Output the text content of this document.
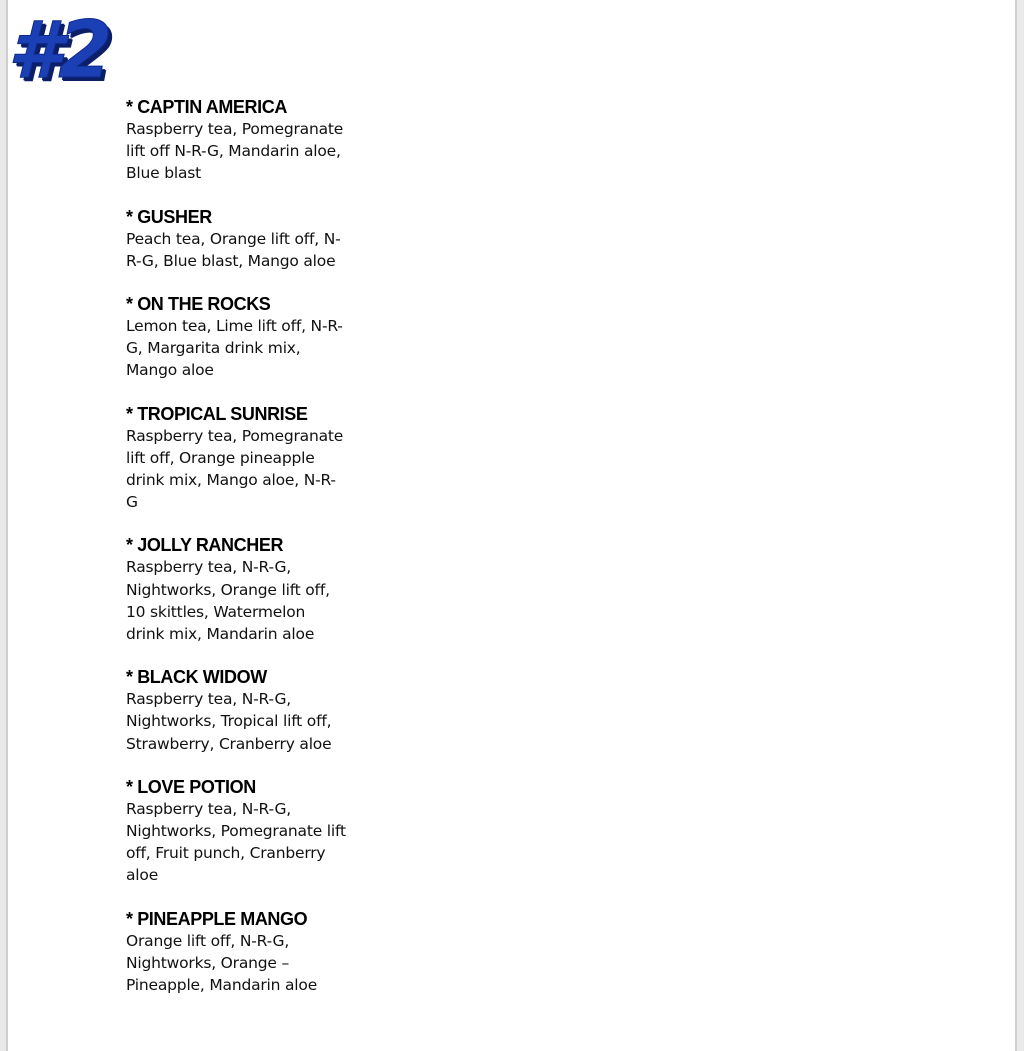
#2
* CAPTIN AMERICA
Raspberry tea, Pomegranate lift off N-R-G, Mandarin aloe, Blue blast
* GUSHER
Peach tea, Orange lift off, N-R-G, Blue blast, Mango aloe
* ON THE ROCKS
Lemon tea, Lime lift off, N-R-G, Margarita drink mix, Mango aloe
* TROPICAL SUNRISE
Raspberry tea, Pomegranate lift off, Orange pineapple drink mix, Mango aloe, N-R-G
* JOLLY RANCHER
Raspberry tea, N-R-G, Nightworks, Orange lift off, 10 skittles, Watermelon drink mix, Mandarin aloe
* BLACK WIDOW
Raspberry tea, N-R-G, Nightworks, Tropical lift off, Strawberry, Cranberry aloe
* LOVE POTION
Raspberry tea, N-R-G, Nightworks, Pomegranate lift off, Fruit punch, Cranberry aloe
* PINEAPPLE MANGO
Orange lift off, N-R-G, Nightworks, Orange – Pineapple, Mandarin aloe
